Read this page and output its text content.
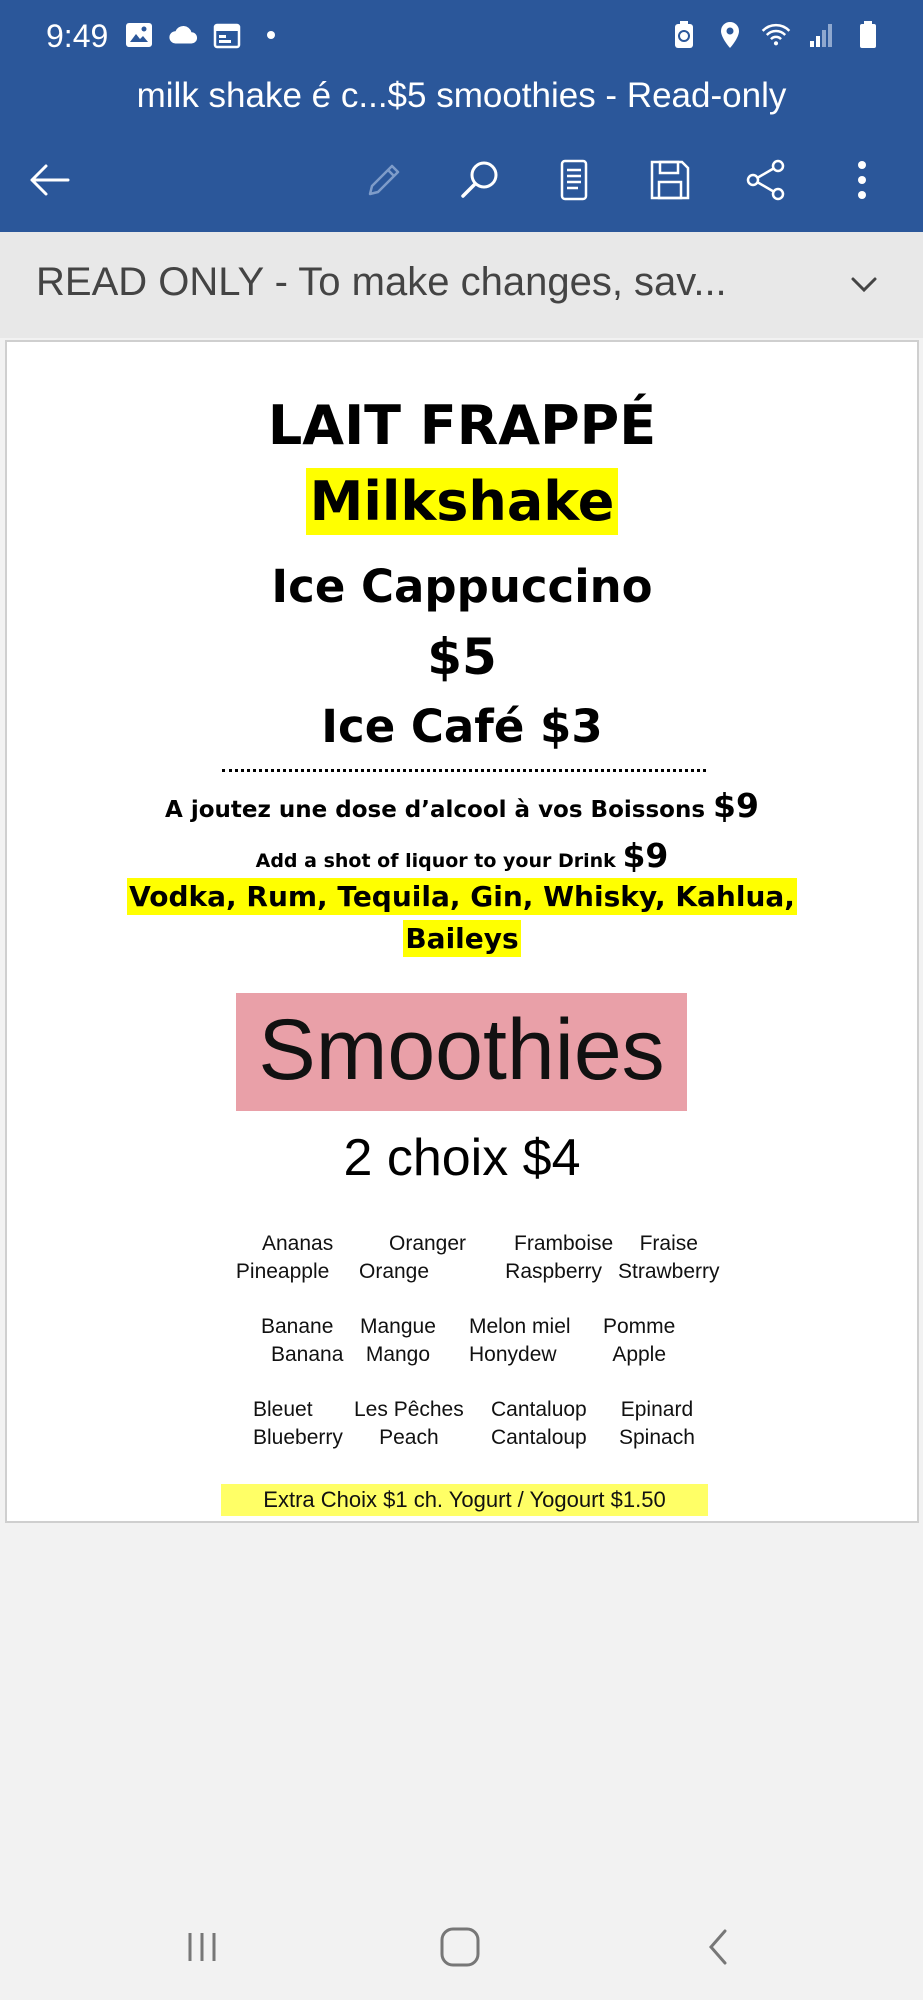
9:49
milk shake é c...$5 smoothies - Read-only
READ ONLY - To make changes, sav...
LAIT FRAPPÉ
Milkshake
Ice Cappuccino
$5
Ice Café $3
A joutez une dose d’alcool à vos Boissons $9
Add a shot of liquor to your Drink $9
Vodka, Rum, Tequila, Gin, Whisky, Kahlua,
Baileys
Smoothies
2 choix $4
Ananas
Pineapple
Oranger
Orange
Framboise
Raspberry
Fraise
Strawberry
Banane
Banana
Mangue
Mango
Melon miel
Honydew
Pomme
Apple
Bleuet
Blueberry
Les Pêches
Peach
Cantaluop
Cantaloup
Epinard
Spinach
Extra Choix $1 ch. Yogurt / Yogourt $1.50
